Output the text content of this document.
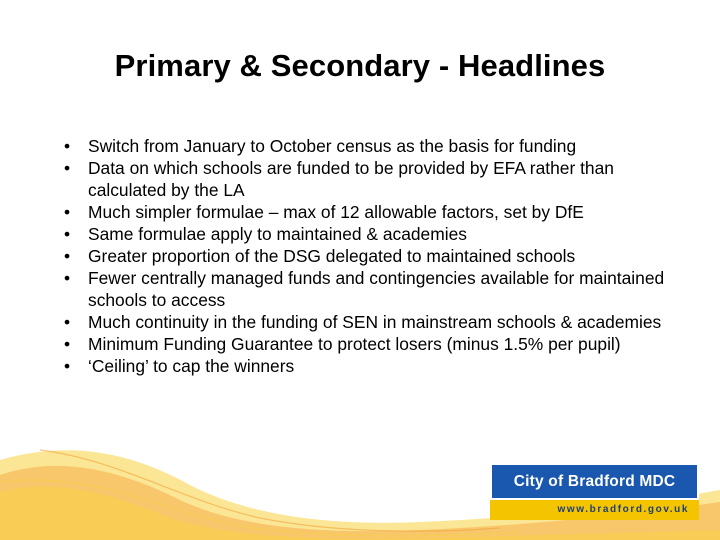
Primary & Secondary - Headlines
• Switch from January to October census as the basis for funding
• Data on which schools are funded to be provided by EFA rather than calculated by the LA
• Much simpler formulae – max of 12 allowable factors, set by DfE
• Same formulae apply to maintained & academies
• Greater proportion of the DSG delegated to maintained schools
• Fewer centrally managed funds and contingencies available for maintained schools to access
• Much continuity in the funding of SEN in mainstream schools & academies
• Minimum Funding Guarantee to protect losers (minus 1.5% per pupil)
• ‘Ceiling’ to cap the winners
City of Bradford MDC
www.bradford.gov.uk
